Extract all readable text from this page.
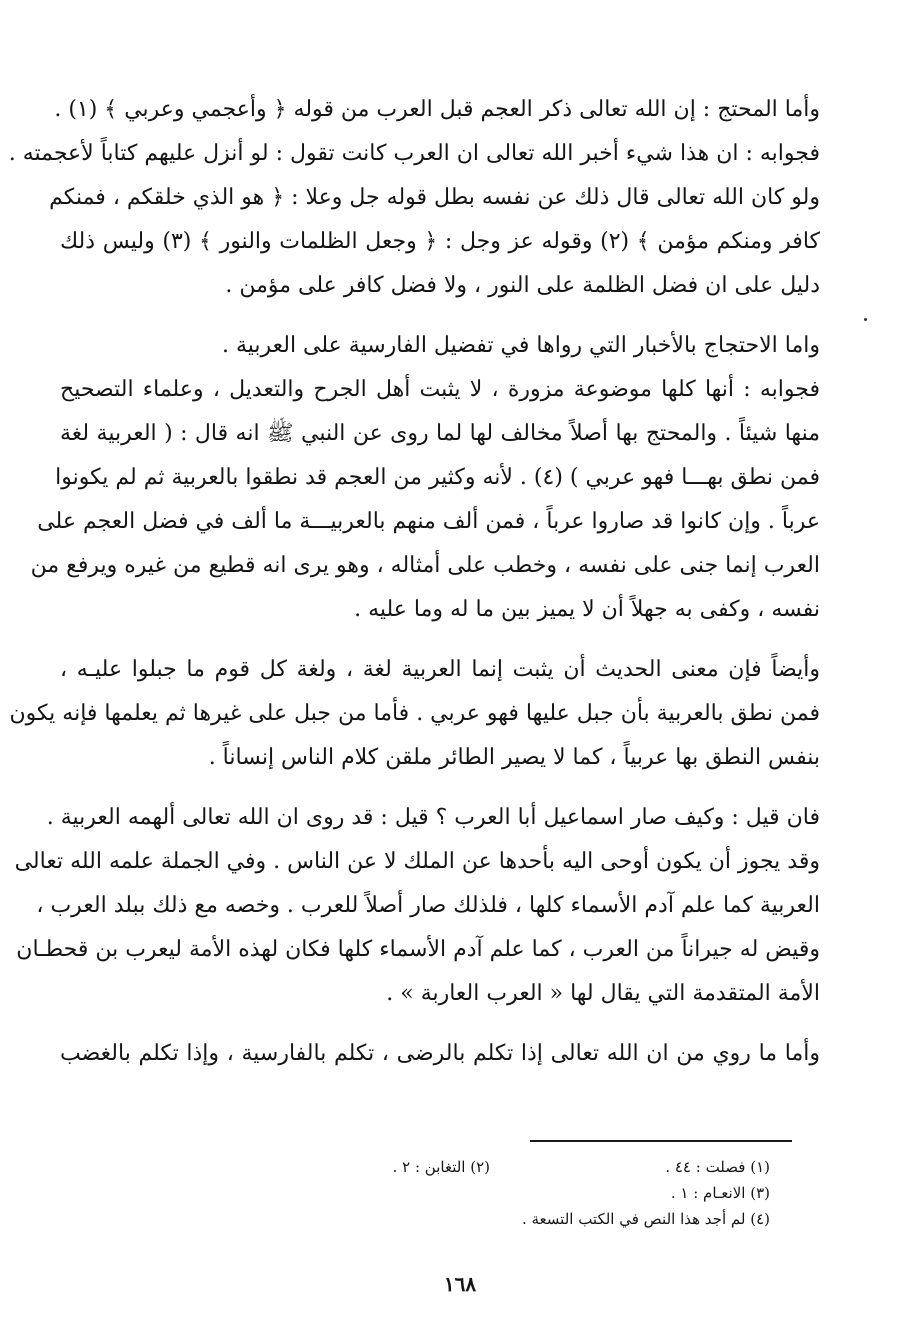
وأما المحتج : إن الله تعالى ذكر العجم قبل العرب من قوله ﴿ وأعجمي وعربي ﴾ (١) .
فجوابه : ان هذا شيء أخبر الله تعالى ان العرب كانت تقول : لو أنزل عليهم كتاباً لأعجمته .
ولو كان الله تعالى قال ذلك عن نفسه بطل قوله جل وعلا : ﴿ هو الذي خلقكم ، فمنكم
كافر ومنكم مؤمن ﴾ (٢) وقوله عز وجل : ﴿ وجعل الظلمات والنور ﴾ (٣) وليس ذلك
دليل على ان فضل الظلمة على النور ، ولا فضل كافر على مؤمن .
واما الاحتجاج بالأخبار التي رواها في تفضيل الفارسية على العربية .
فجوابه : أنها كلها موضوعة مزورة ، لا يثبت أهل الجرح والتعديل ، وعلماء التصحيح
منها شيئاً . والمحتج بها أصلاً مخالف لها لما روى عن النبي ﷺ انه قال : ( العربية لغة
فمن نطق بهـــا فهو عربي ) (٤) . لأنه وكثير من العجم قد نطقوا بالعربية ثم لم يكونوا
عرباً . وإن كانوا قد صاروا عرباً ، فمن ألف منهم بالعربيـــة ما ألف في فضل العجم على
العرب إنما جنى على نفسه ، وخطب على أمثاله ، وهو يرى انه قطيع من غيره ويرفع من
نفسه ، وكفى به جهلاً أن لا يميز بين ما له وما عليه .
وأيضاً فإن معنى الحديث أن يثبت إنما العربية لغة ، ولغة كل قوم ما جبلوا عليـه ،
فمن نطق بالعربية بأن جبل عليها فهو عربي . فأما من جبل على غيرها ثم يعلمها فإنه يكون
بنفس النطق بها عربياً ، كما لا يصير الطائر ملقن كلام الناس إنساناً .
فان قيل : وكيف صار اسماعيل أبا العرب ؟ قيل : قد روى ان الله تعالى ألهمه العربية .
وقد يجوز أن يكون أوحى اليه بأحدها عن الملك لا عن الناس . وفي الجملة علمه الله تعالى
العربية كما علم آدم الأسماء كلها ، فلذلك صار أصلاً للعرب . وخصه مع ذلك ببلد العرب ،
وقيض له جيراناً من العرب ، كما علم آدم الأسماء كلها فكان لهذه الأمة ليعرب بن قحطـان
الأمة المتقدمة التي يقال لها « العرب العاربة » .
وأما ما روي من ان الله تعالى إذا تكلم بالرضى ، تكلم بالفارسية ، وإذا تكلم بالغضب
(١) فصلت : ٤٤ .(٢) التغابن : ٢ .
(٣) الانعـام : ١ .
(٤) لم أجد هذا النص في الكتب التسعة .
١٦٨
